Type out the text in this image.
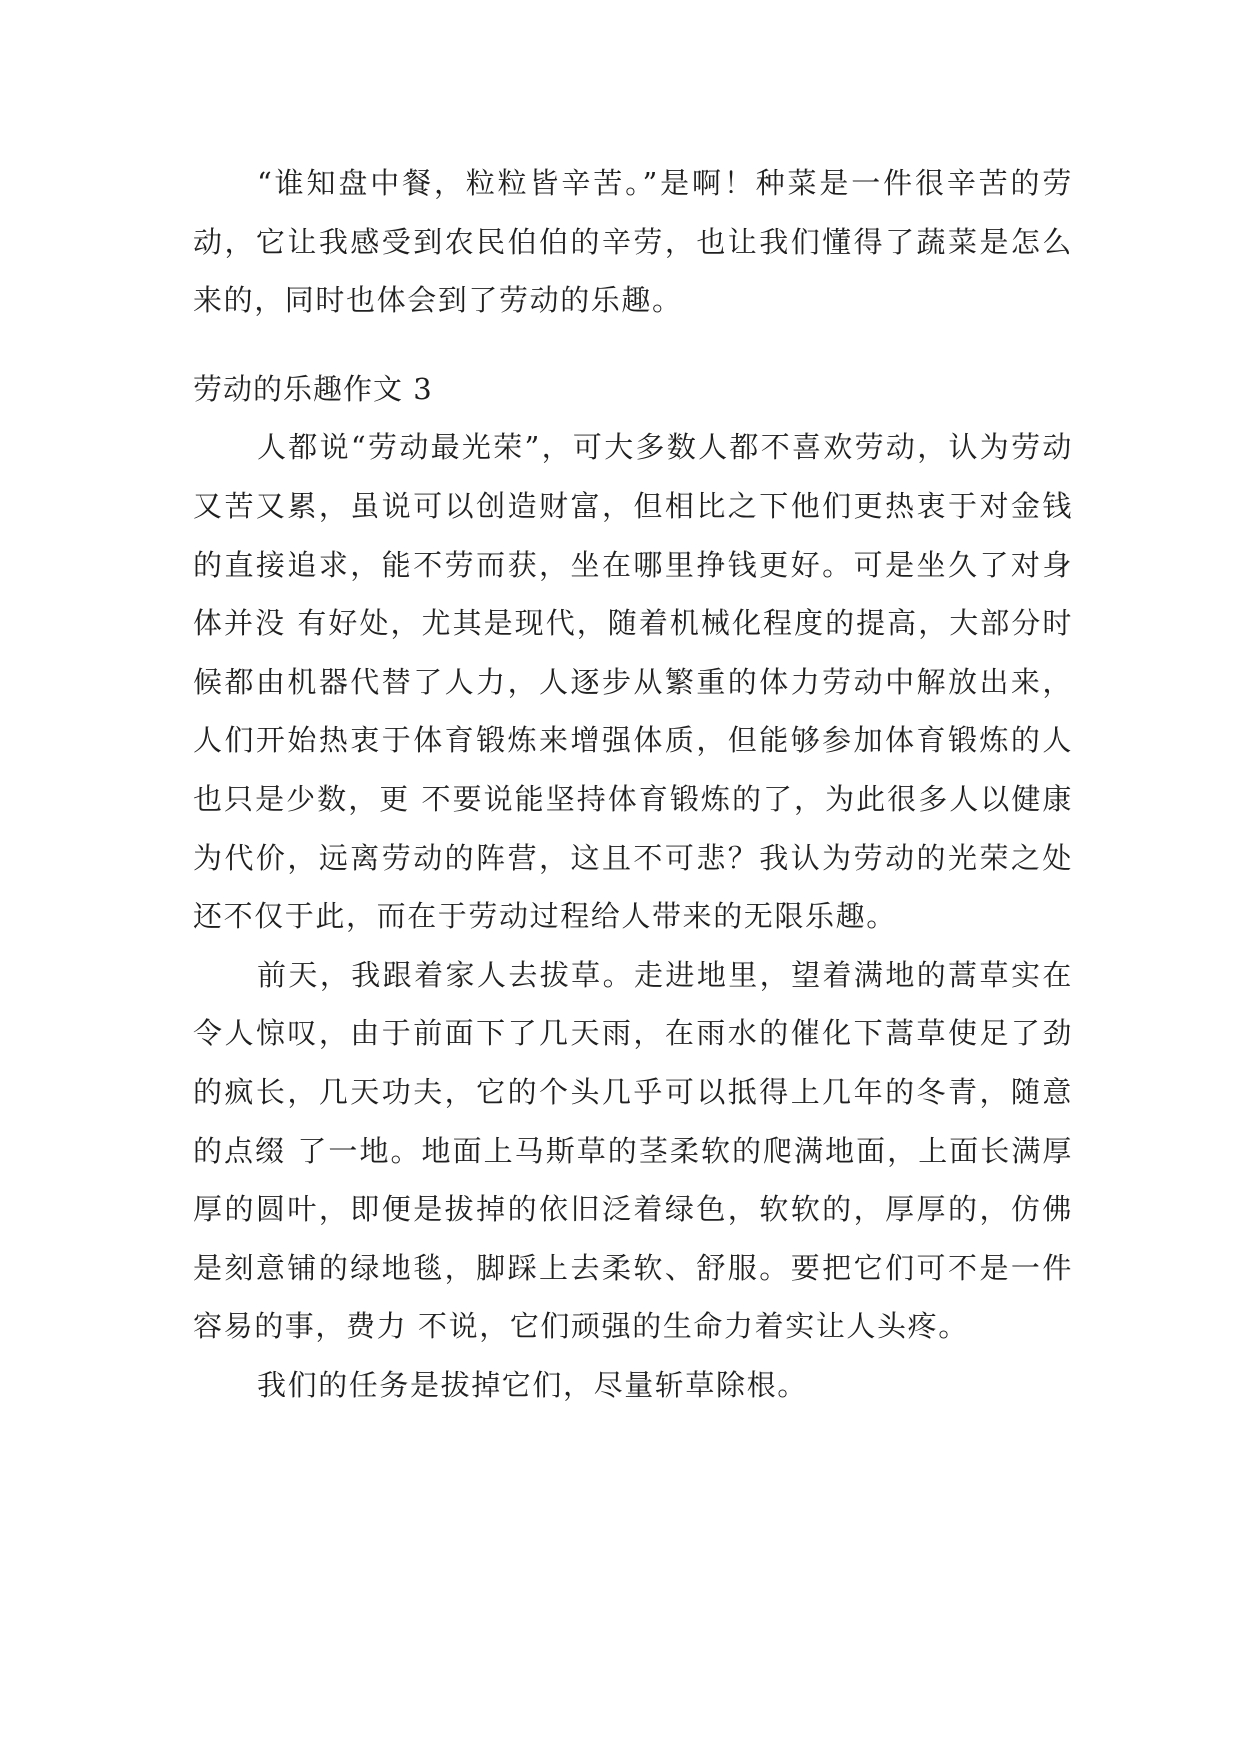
“谁知盘中餐，粒粒皆辛苦。”是啊！种菜是一件很辛苦的劳动，它让我感受到农民伯伯的辛劳，也让我们懂得了蔬菜是怎么来的，同时也体会到了劳动的乐趣。

劳动的乐趣作文 3

人都说“劳动最光荣”，可大多数人都不喜欢劳动，认为劳动又苦又累，虽说可以创造财富，但相比之下他们更热衷于对金钱的直接追求，能不劳而获，坐在哪里挣钱更好。可是坐久了对身体并没 有好处，尤其是现代，随着机械化程度的提高，大部分时候都由机器代替了人力，人逐步从繁重的体力劳动中解放出来，人们开始热衷于体育锻炼来增强体质，但能够参加体育锻炼的人也只是少数，更 不要说能坚持体育锻炼的了，为此很多人以健康为代价，远离劳动的阵营，这且不可悲？我认为劳动的光荣之处还不仅于此，而在于劳动过程给人带来的无限乐趣。

前天，我跟着家人去拔草。走进地里，望着满地的蒿草实在令人惊叹，由于前面下了几天雨，在雨水的催化下蒿草使足了劲的疯长，几天功夫，它的个头几乎可以抵得上几年的冬青，随意的点缀 了一地。地面上马斯草的茎柔软的爬满地面，上面长满厚厚的圆叶，即便是拔掉的依旧泛着绿色，软软的，厚厚的，仿佛是刻意铺的绿地毯，脚踩上去柔软、舒服。要把它们可不是一件容易的事，费力 不说，它们顽强的生命力着实让人头疼。

我们的任务是拔掉它们，尽量斩草除根。
